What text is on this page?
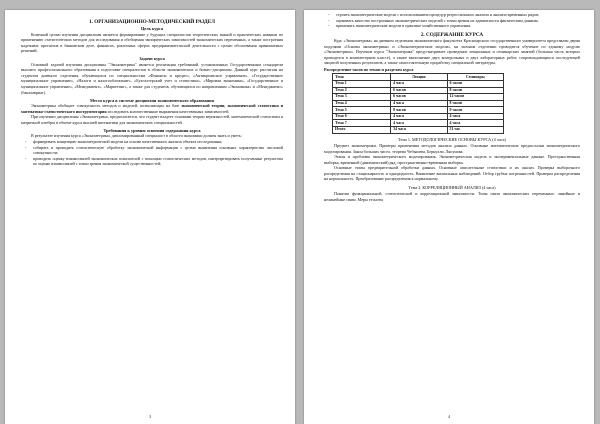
1. ОРГАНИЗАЦИОННО-МЕТОДИЧЕСКИЙ РАЗДЕЛ
Цель курса

Конечной целью изучения дисциплины является формирование у будущих специалистов теоретических знаний и практических навыков по применению статистических методов для исследования и обобщения эмпирических зависимостей экономических переменных, а также построения надежных прогнозов в банковском деле, финансах, различных сферах предпринимательской деятельности с целью обоснования принимаемых решений;

Задачи курса

Основной задачей изучения дисциплины "Эконометрика" является реализация требований, установленных Государственным стандартом высшего профессионального образования к подготовке специалистов в области экономических и бизнес-дисциплин. Данный курс рассчитан на студентов дневного отделения, обучающихся по специальностям «Финансы и кредит», «Антикризисное управление», «Государственное муниципальное управление», «Налоги и налогообложение», «Бухгалтерский учет и статистика», «Мировая экономика», «Государственное и муниципальное управление», «Менеджмент», «Маркетинг», а также для студентов, обучающихся по направлениям «Экономика» и «Менеджмент» (бакалавриат).

Место курса в системе дисциплин экономического образования

Эконометрика обобщает совокупность методов и моделей, позволяющих на базе экономической теории, экономической статистики и математико-статистического инструментария исследовать количественные выражения качественных зависимостей.

При изучении дисциплины «Эконометрика» предполагается, что студент владеет основами теории вероятностей, математической статистики и матричной алгебры в объеме курса высшей математики для экономических специальностей.

Требования к уровню освоения содержания курса

В результате изучения курса «Эконометрика» дипломированный специалист в области экономики должен знать и уметь:

- формировать концепцию эконометрической модели на основе качественного анализа объекта исследования;
- собирать и проводить статистическую обработку экономической информации с целью выявления основных характеристик числовой совокупности;
- проводить оценку взаимосвязей экономических показателей с помощью статистических методов, интерпретировать полученные результаты по оценке взаимосвязей с точки зрения экономической существенностей;
3
- строить эконометрические модели с использованием процедур регрессионного анализа и анализа временных рядов;
- оценивать качество построенных эконометрических моделей с точки зрения их адекватности фактическим данным;
- применять эконометрические модели в практике хозяйственного управления.
2. СОДЕРЖАНИЕ КУРСА

Курс «Эконометрика» на дневном отделении экономического факультета Красноярского государственного университета представлен двумя модулями «Основы эконометрики» и «Эконометрические модели», на заочном отделении проводится обучение по единому модулю «Эконометрика». Изучение курса "Эконометрика" предусматривает проведение лекционных и семинарских занятий (большая часть которых проводится в компьютерном классе), а также выполнение двух контрольных и двух лабораторных работ, сопровождающихся последующей защитой полученных результатов, а также самостоятельную проработку специальной литературы.

Распределение часов по темам и разделам курса

Тема	Лекции	Семинары
Тема 1	4 часа	6 часов
Тема 2	6 часов	8 часов
Тема 3	6 часов	12 часов
Тема 4	4 часа	8 часов
Тема 5	8 часов	9 часов
Тема 6	4 часа	4 часа
Тема 7	4 часа	4 часа
Итого	34 часа	51 час

Тема 1. МЕТОДОЛОГИЧЕСКИЕ ОСНОВЫ КУРСА (4 часа)

Предмет эконометрики. Примеры применения методов анализа данных. Основные математические предпосылки эконометрического моделирования. Закон больших чисел, теорема Чебышева, Бернулли, Ляпунова.

Этапы и проблемы эконометрического моделирования. Эконометрическая модель и экспериментальные данные. Пространственная выборка, временной (динамический) ряд, пространственно-временная выборка.

Основные этапы предварительной обработки данных. Основные описательные статистики и их анализ. Проверка выборочного распределения на стационарность и однородность. Выявление аномальных наблюдений. Отбор грубых погрешностей. Проверка распределения на нормальность. Преобразование распределения к нормальному.

Тема 2. КОРРЕЛЯЦИОННЫЙ АНАЛИЗ (4 часа)

Понятия функциональной, статистической и корреляционной зависимости. Типы связи экономических переменных: линейные и нелинейные связи. Меры тесноты

4
